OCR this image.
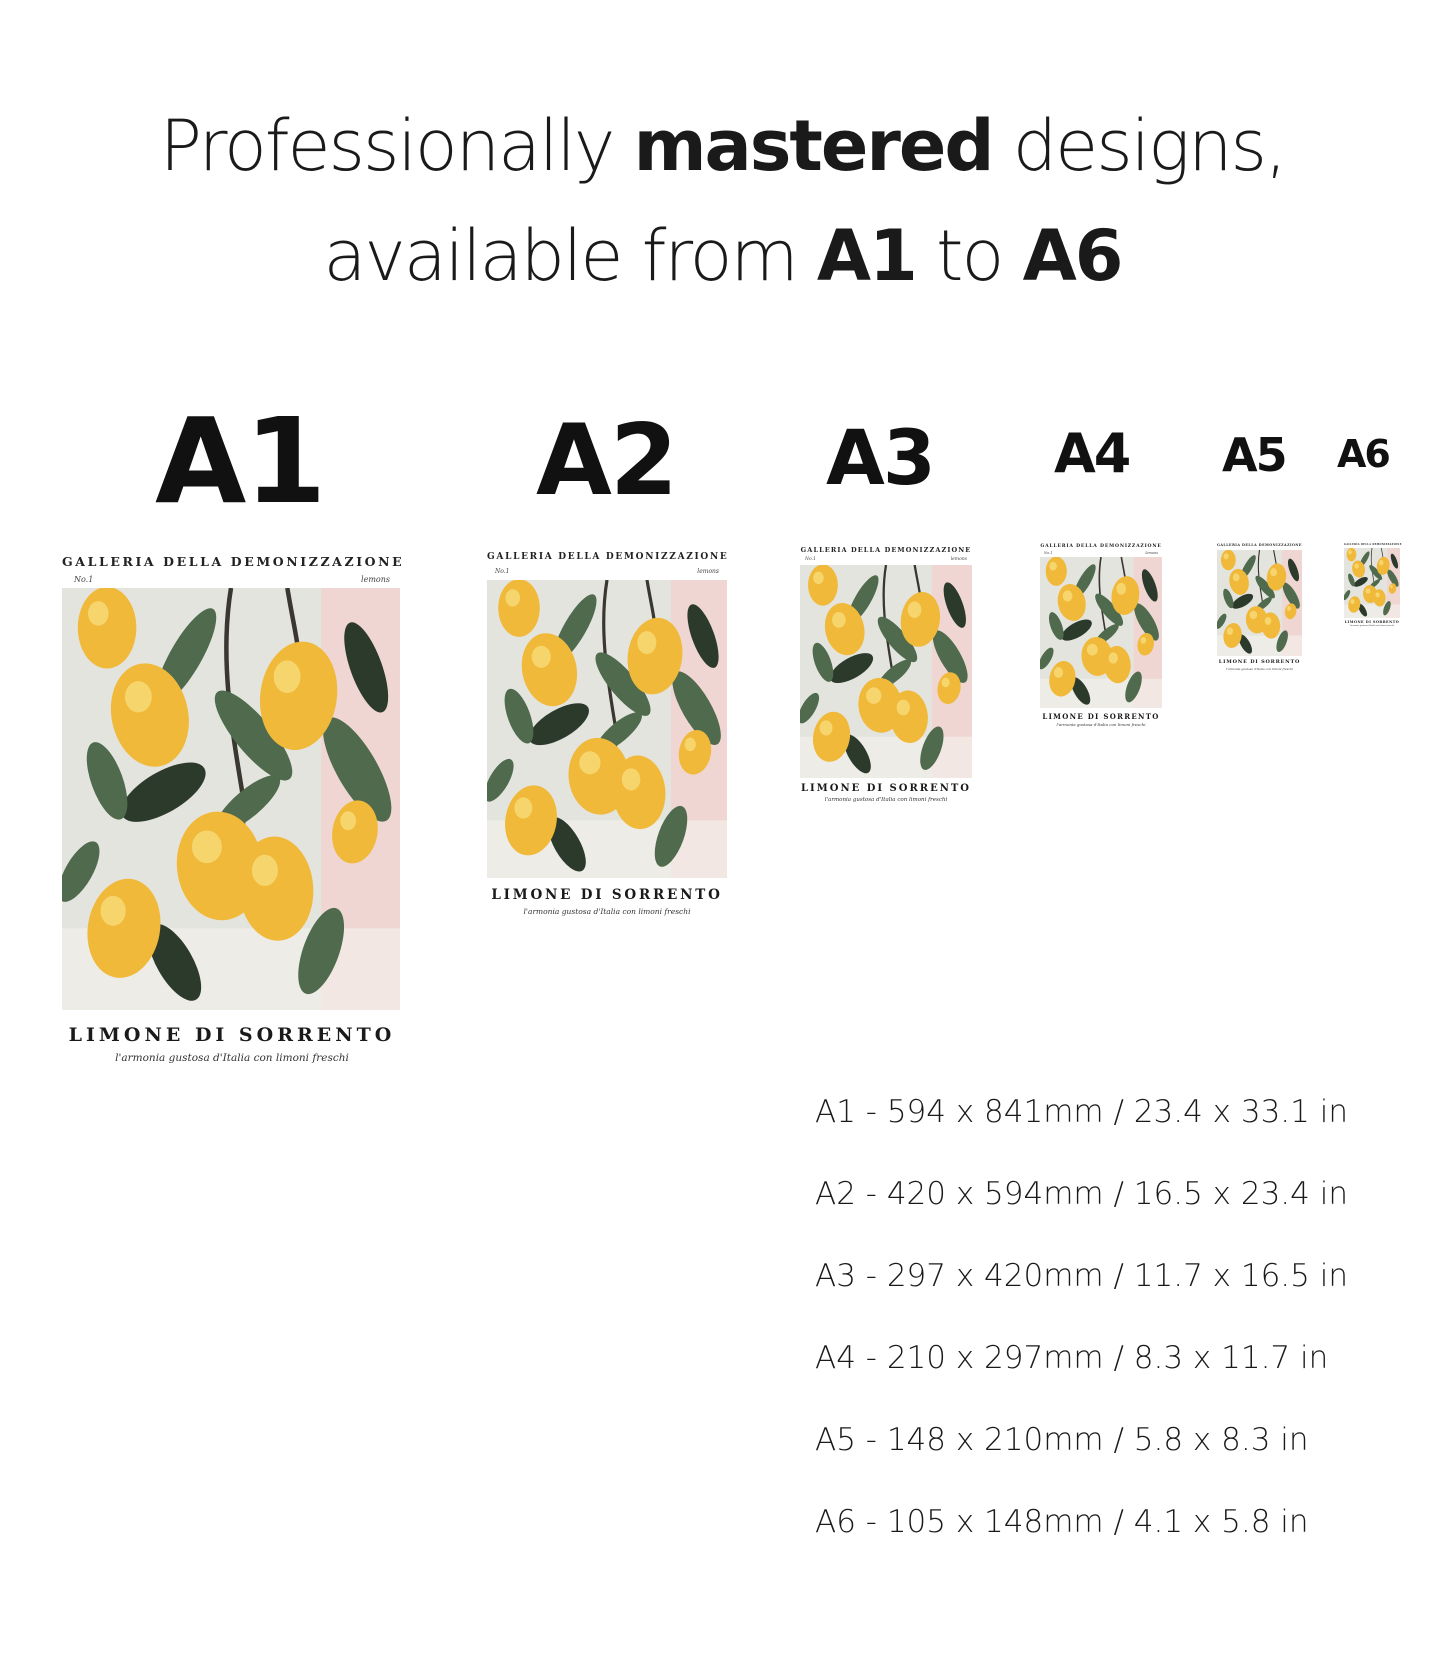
Professionally mastered designs,
available from A1 to A6
A1 A2 A3 A4 A5 A6
GALLERIA DELLA DEMONIZZAZIONE
No.1	lemons
LIMONE DI SORRENTO
l'armonia gustosa d'Italia con limoni freschi
GALLERIA DELLA DEMONIZZAZIONE
No.1	lemons
LIMONE DI SORRENTO
l'armonia gustosa d'Italia con limoni freschi
GALLERIA DELLA DEMONIZZAZIONE
No.1	lemons
LIMONE DI SORRENTO
l'armonia gustosa d'Italia con limoni freschi
GALLERIA DELLA DEMONIZZAZIONE
No.1	lemons
LIMONE DI SORRENTO
l'armonia gustosa d'Italia con limoni freschi
GALLERIA DELLA DEMONIZZAZIONE
LIMONE DI SORRENTO
l'armonia gustosa d'Italia con limoni freschi
GALLERIA DELLA DEMONIZZAZIONE
LIMONE DI SORRENTO
l'armonia gustosa d'Italia con limoni freschi
A1 - 594 x 841mm / 23.4 x 33.1 in
A2 - 420 x 594mm / 16.5 x 23.4 in
A3 - 297 x 420mm / 11.7 x 16.5 in
A4 - 210 x 297mm / 8.3 x 11.7 in
A5 - 148 x 210mm / 5.8 x 8.3 in
A6 - 105 x 148mm / 4.1 x 5.8 in
